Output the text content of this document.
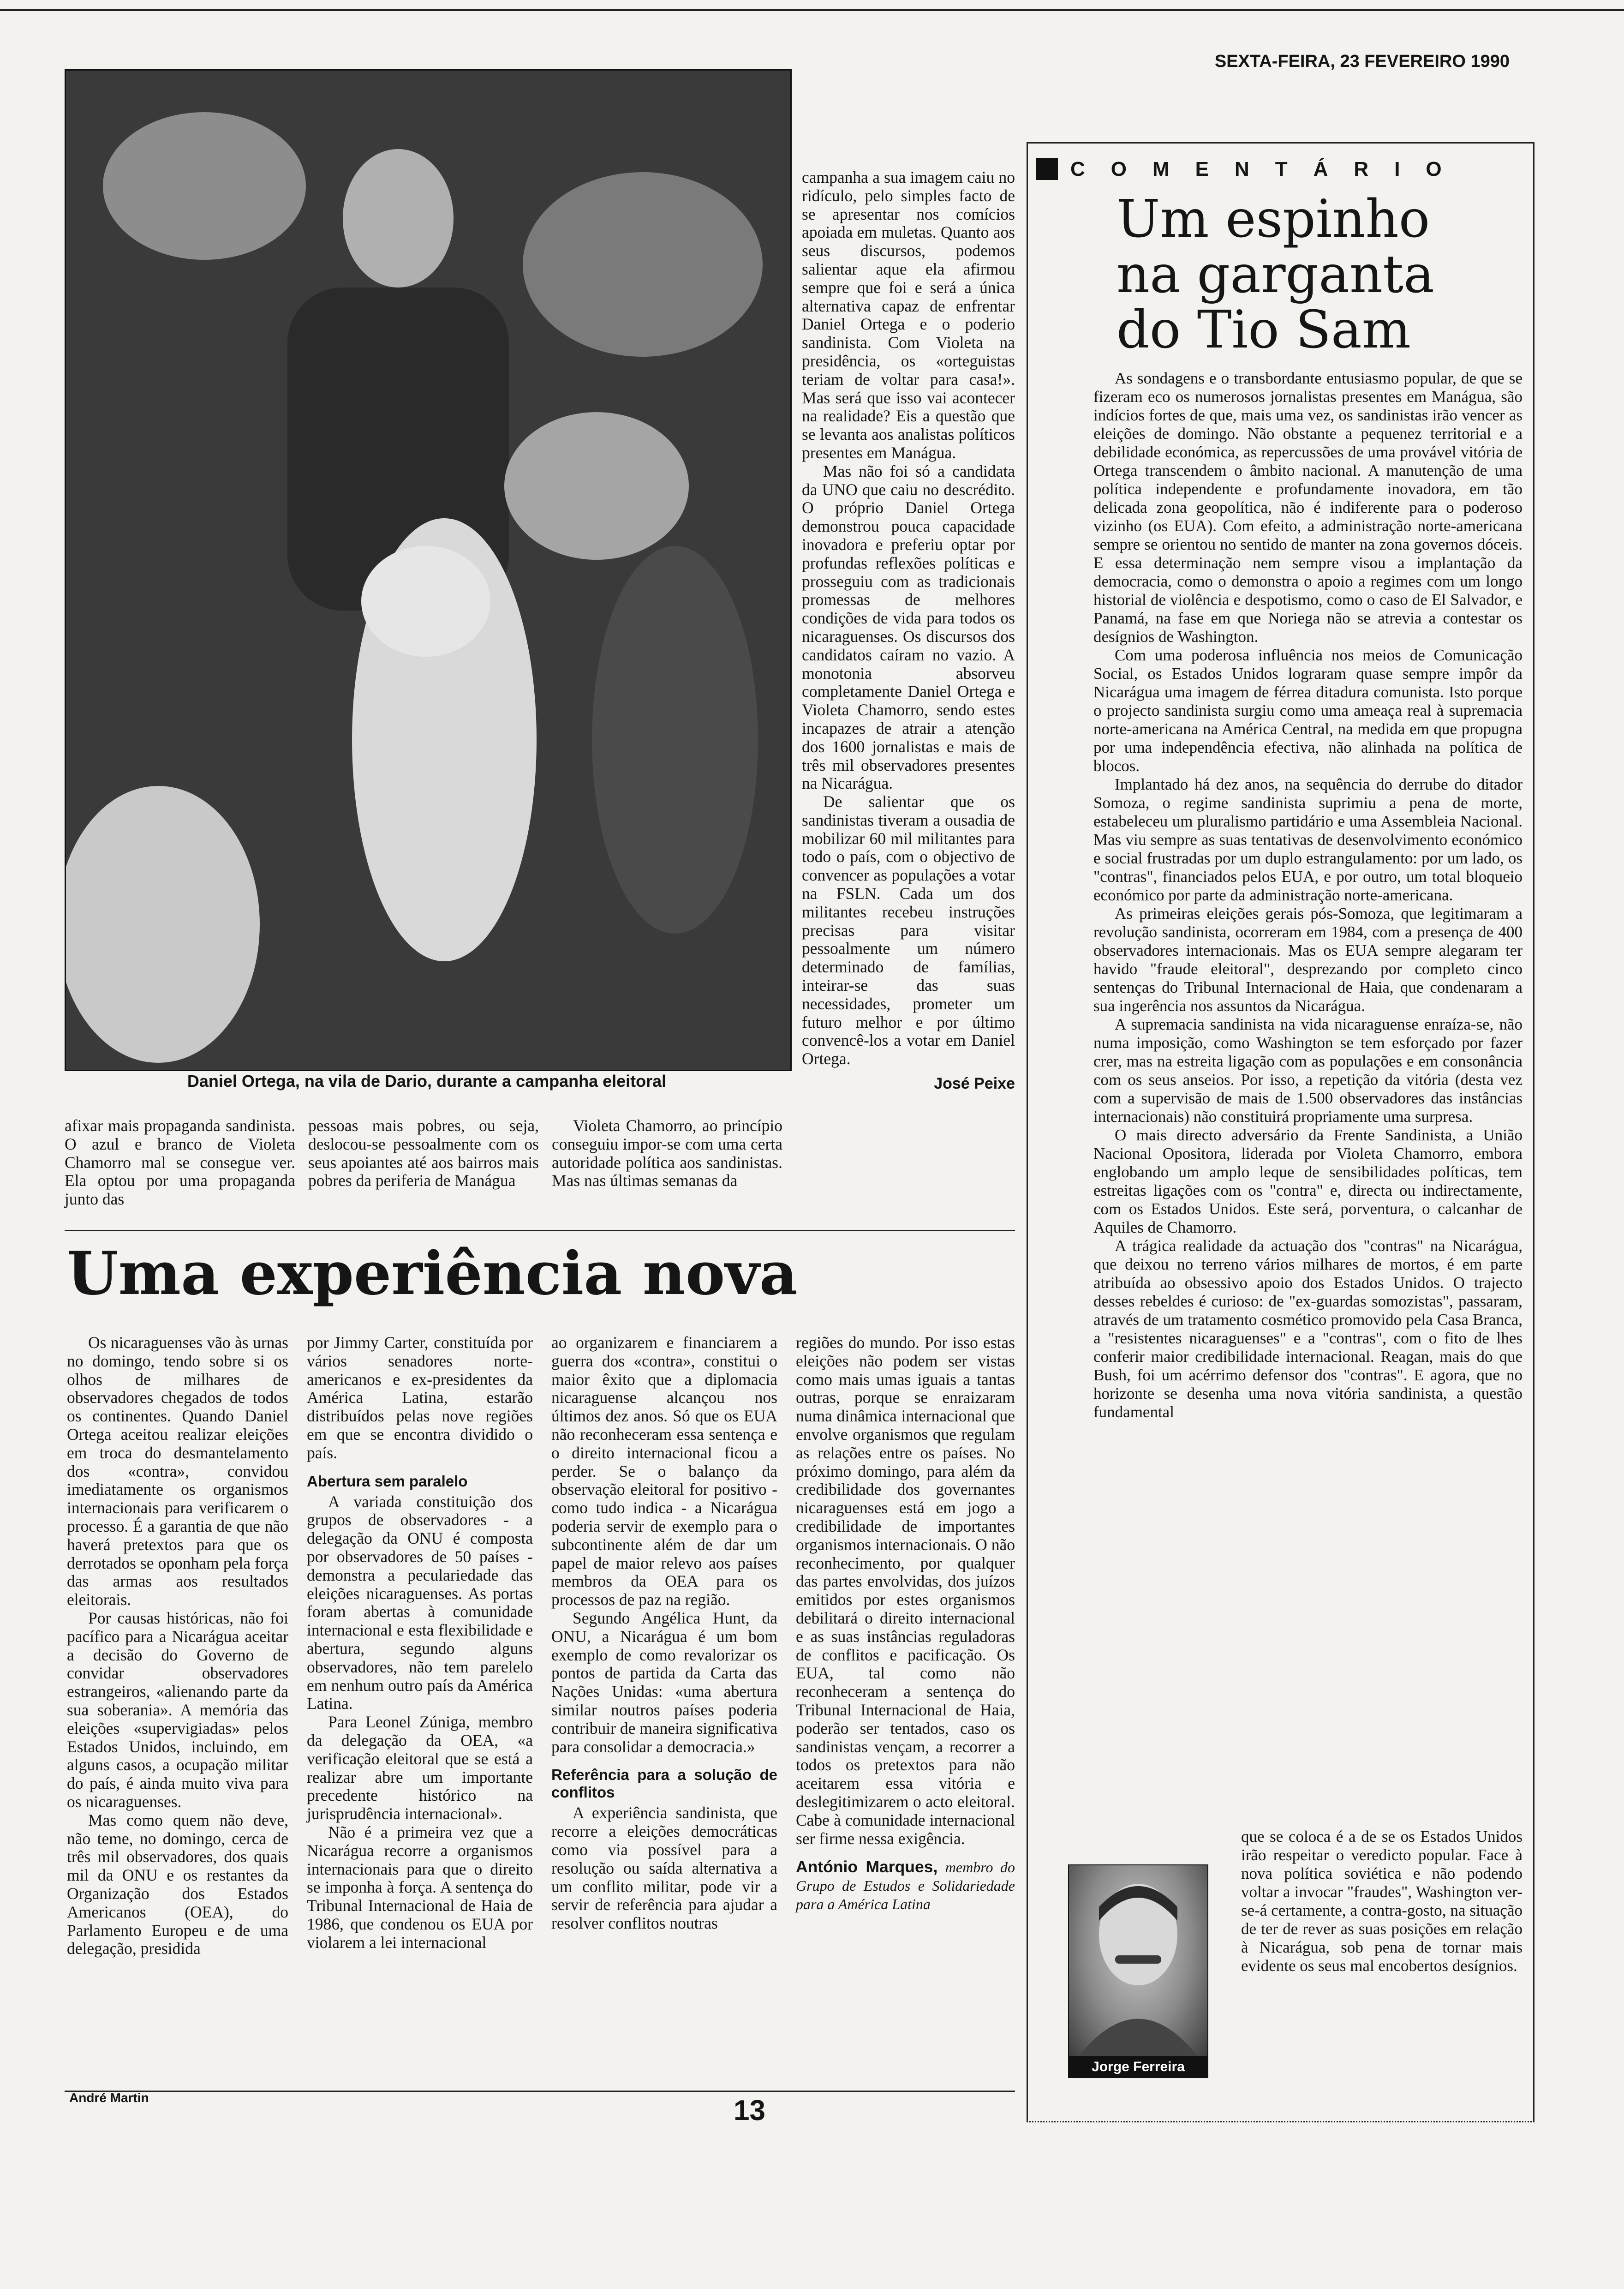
SEXTA-FEIRA, 23 FEVEREIRO 1990
Daniel Ortega, na vila de Dario, durante a campanha eleitoral

campanha a sua imagem caiu no ridículo, pelo simples facto de se apresentar nos comícios apoiada em muletas. Quanto aos seus discursos, podemos salientar aque ela afirmou sempre que foi e será a única alternativa capaz de enfrentar Daniel Ortega e o poderio sandinista. Com Violeta na presidência, os «orteguistas teriam de voltar para casa!». Mas será que isso vai acontecer na realidade? Eis a questão que se levanta aos analistas políticos presentes em Manágua.

Mas não foi só a candidata da UNO que caiu no descrédito. O próprio Daniel Ortega demonstrou pouca capacidade inovadora e preferiu optar por profundas reflexões políticas e prosseguiu com as tradicionais promessas de melhores condições de vida para todos os nicaraguenses. Os discursos dos candidatos caíram no vazio. A monotonia absorveu completamente Daniel Ortega e Violeta Chamorro, sendo estes incapazes de atrair a atenção dos 1600 jornalistas e mais de três mil observadores presentes na Nicarágua.

De salientar que os sandinistas tiveram a ousadia de mobilizar 60 mil militantes para todo o país, com o objectivo de convencer as populações a votar na FSLN. Cada um dos militantes recebeu instruções precisas para visitar pessoalmente um número determinado de famílias, inteirar-se das suas necessidades, prometer um futuro melhor e por último convencê-los a votar em Daniel Ortega.

José Peixe

afixar mais propaganda sandinista. O azul e branco de Violeta Chamorro mal se consegue ver. Ela optou por uma propaganda junto das

pessoas mais pobres, ou seja, deslocou-se pessoalmente com os seus apoiantes até aos bairros mais pobres da periferia de Manágua

Violeta Chamorro, ao princípio conseguiu impor-se com uma certa autoridade política aos sandinistas. Mas nas últimas semanas da

Uma experiência nova

Os nicaraguenses vão às urnas no domingo, tendo sobre si os olhos de milhares de observadores chegados de todos os continentes. Quando Daniel Ortega aceitou realizar eleições em troca do desmantelamento dos «contra», convidou imediatamente os organismos internacionais para verificarem o processo. É a garantia de que não haverá pretextos para que os derrotados se oponham pela força das armas aos resultados eleitorais.

Por causas históricas, não foi pacífico para a Nicarágua aceitar a decisão do Governo de convidar observadores estrangeiros, «alienando parte da sua soberania». A memória das eleições «supervigiadas» pelos Estados Unidos, incluindo, em alguns casos, a ocupação militar do país, é ainda muito viva para os nicaraguenses.

Mas como quem não deve, não teme, no domingo, cerca de três mil observadores, dos quais mil da ONU e os restantes da Organização dos Estados Americanos (OEA), do Parlamento Europeu e de uma delegação, presidida

por Jimmy Carter, constituída por vários senadores norte-americanos e ex-presidentes da América Latina, estarão distribuídos pelas nove regiões em que se encontra dividido o país.

Abertura sem paralelo

A variada constituição dos grupos de observadores - a delegação da ONU é composta por observadores de 50 países - demonstra a peculariedade das eleições nicaraguenses. As portas foram abertas à comunidade internacional e esta flexibilidade e abertura, segundo alguns observadores, não tem parelelo em nenhum outro país da América Latina.

Para Leonel Zúniga, membro da delegação da OEA, «a verificação eleitoral que se está a realizar abre um importante precedente histórico na jurisprudência internacional».

Não é a primeira vez que a Nicarágua recorre a organismos internacionais para que o direito se imponha à força. A sentença do Tribunal Internacional de Haia de 1986, que condenou os EUA por violarem a lei internacional

ao organizarem e financiarem a guerra dos «contra», constitui o maior êxito que a diplomacia nicaraguense alcançou nos últimos dez anos. Só que os EUA não reconheceram essa sentença e o direito internacional ficou a perder. Se o balanço da observação eleitoral for positivo - como tudo indica - a Nicarágua poderia servir de exemplo para o subcontinente além de dar um papel de maior relevo aos países membros da OEA para os processos de paz na região.

Segundo Angélica Hunt, da ONU, a Nicarágua é um bom exemplo de como revalorizar os pontos de partida da Carta das Nações Unidas: «uma abertura similar noutros países poderia contribuir de maneira significativa para consolidar a democracia.»

Referência para a solução de conflitos

A experiência sandinista, que recorre a eleições democráticas como via possível para a resolução ou saída alternativa a um conflito militar, pode vir a servir de referência para ajudar a resolver conflitos noutras

regiões do mundo. Por isso estas eleições não podem ser vistas como mais umas iguais a tantas outras, porque se enraizaram numa dinâmica internacional que envolve organismos que regulam as relações entre os países. No próximo domingo, para além da credibilidade dos governantes nicaraguenses está em jogo a credibilidade de importantes organismos internacionais. O não reconhecimento, por qualquer das partes envolvidas, dos juízos emitidos por estes organismos debilitará o direito internacional e as suas instâncias reguladoras de conflitos e pacificação. Os EUA, tal como não reconheceram a sentença do Tribunal Internacional de Haia, poderão ser tentados, caso os sandinistas vençam, a recorrer a todos os pretextos para não aceitarem essa vitória e deslegitimizarem o acto eleitoral. Cabe à comunidade internacional ser firme nessa exigência.

António Marques, membro do Grupo de Estudos e Solidariedade para a América Latina
COMENTÁRIO
Um espinho
na garganta
do Tio Sam

As sondagens e o transbordante entusiasmo popular, de que se fizeram eco os numerosos jornalistas presentes em Manágua, são indícios fortes de que, mais uma vez, os sandinistas irão vencer as eleições de domingo. Não obstante a pequenez territorial e a debilidade económica, as repercussões de uma provável vitória de Ortega transcendem o âmbito nacional. A manutenção de uma política independente e profundamente inovadora, em tão delicada zona geopolítica, não é indiferente para o poderoso vizinho (os EUA). Com efeito, a administração norte-americana sempre se orientou no sentido de manter na zona governos dóceis. E essa determinação nem sempre visou a implantação da democracia, como o demonstra o apoio a regimes com um longo historial de violência e despotismo, como o caso de El Salvador, e Panamá, na fase em que Noriega não se atrevia a contestar os desígnios de Washington.

Com uma poderosa influência nos meios de Comunicação Social, os Estados Unidos lograram quase sempre impôr da Nicarágua uma imagem de férrea ditadura comunista. Isto porque o projecto sandinista surgiu como uma ameaça real à supremacia norte-americana na América Central, na medida em que propugna por uma independência efectiva, não alinhada na política de blocos.

Implantado há dez anos, na sequência do derrube do ditador Somoza, o regime sandinista suprimiu a pena de morte, estabeleceu um pluralismo partidário e uma Assembleia Nacional. Mas viu sempre as suas tentativas de desenvolvimento económico e social frustradas por um duplo estrangulamento: por um lado, os "contras", financiados pelos EUA, e por outro, um total bloqueio económico por parte da administração norte-americana.

As primeiras eleições gerais pós-Somoza, que legitimaram a revolução sandinista, ocorreram em 1984, com a presença de 400 observadores internacionais. Mas os EUA sempre alegaram ter havido "fraude eleitoral", desprezando por completo cinco sentenças do Tribunal Internacional de Haia, que condenaram a sua ingerência nos assuntos da Nicarágua.

A supremacia sandinista na vida nicaraguense enraíza-se, não numa imposição, como Washington se tem esforçado por fazer crer, mas na estreita ligação com as populações e em consonância com os seus anseios. Por isso, a repetição da vitória (desta vez com a supervisão de mais de 1.500 observadores das instâncias internacionais) não constituirá propriamente uma surpresa.

O mais directo adversário da Frente Sandinista, a União Nacional Opositora, liderada por Violeta Chamorro, embora englobando um amplo leque de sensibilidades políticas, tem estreitas ligações com os "contra" e, directa ou indirectamente, com os Estados Unidos. Este será, porventura, o calcanhar de Aquiles de Chamorro.

A trágica realidade da actuação dos "contras" na Nicarágua, que deixou no terreno vários milhares de mortos, é em parte atribuída ao obsessivo apoio dos Estados Unidos. O trajecto desses rebeldes é curioso: de "ex-guardas somozistas", passaram, através de um tratamento cosmético promovido pela Casa Branca, a "resistentes nicaraguenses" e a "contras", com o fito de lhes conferir maior credibilidade internacional. Reagan, mais do que Bush, foi um acérrimo defensor dos "contras". E agora, que no horizonte se desenha uma nova vitória sandinista, a questão fundamental

que se coloca é a de se os Estados Unidos irão respeitar o veredicto popular. Face à nova política soviética e não podendo voltar a invocar "fraudes", Washington ver-se-á certamente, a contra-gosto, na situação de ter de rever as suas posições em relação à Nicarágua, sob pena de tornar mais evidente os seus mal encobertos desígnios.

Jorge Ferreira
André Martin	13
